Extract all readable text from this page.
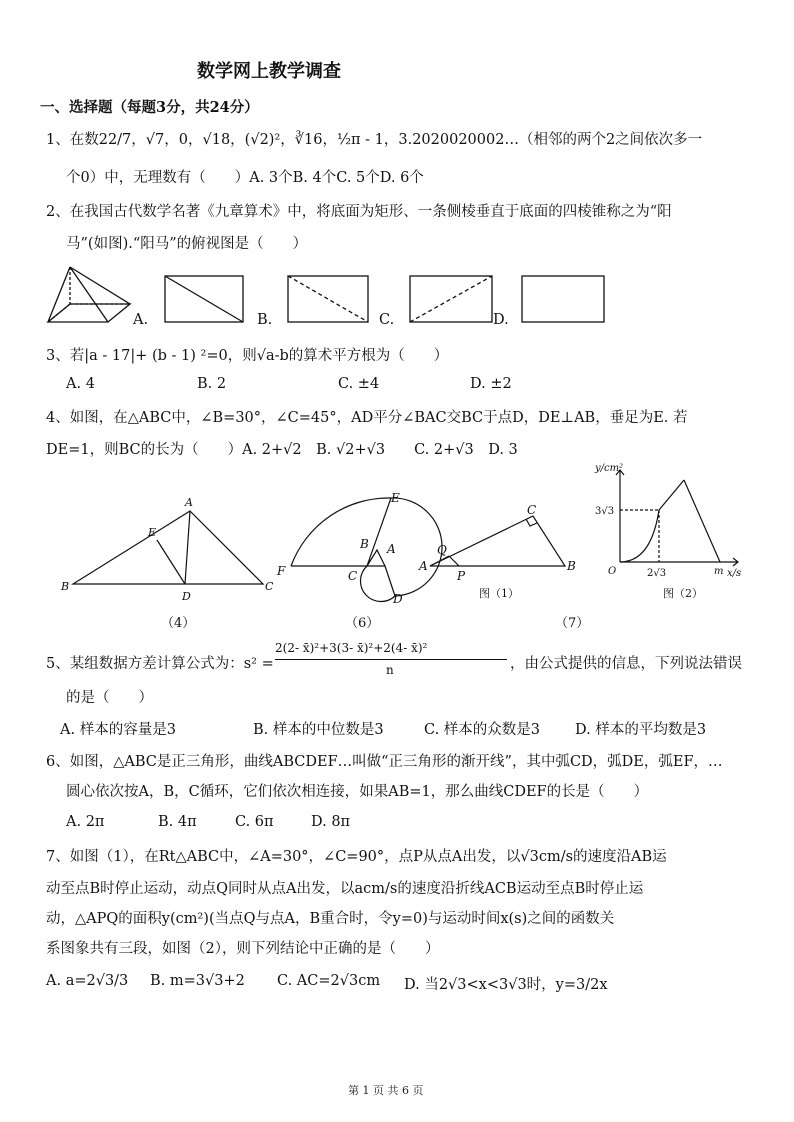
数学网上教学调查
一、选择题（每题3分，共24分）
1、在数22/7，√7，0，√18，(√2)²，∛16，½π - 1，3.2020020002…（相邻的两个2之间依次多一
个0）中，无理数有（　　）A. 3个B. 4个C. 5个D. 6个
2、在我国古代数学名著《九章算术》中，将底面为矩形、一条侧棱垂直于底面的四棱锥称之为“阳
马”(如图).“阳马”的俯视图是（　　）
A.	B.	C.	D.
3、若|a - 17|+ (b - 1) ²=0，则√a-b的算术平方根为（　　）
A. 4	B. 2	C. ±4	D. ±2
4、如图，在△ABC中，∠B=30°，∠C=45°，AD平分∠BAC交BC于点D，DE⊥AB，垂足为E. 若
DE=1，则BC的长为（　　）A. 2+√2　B. √2+√3　　C. 2+√3　D. 3
A
B	C
D
E
A
B
C
D
E
F	A	B
C
P
Q
图（1）
y/cm²
x/s
O
3√3
2√3	m
图（2）
（4）	（6）	（7）
5、某组数据方差计算公式为：s² =
2(2- x̄)²+3(3- x̄)²+2(4- x̄)²
n	，由公式提供的信息，下列说法错误
的是（　　）
A. 样本的容量是3	B. 样本的中位数是3	C. 样本的众数是3 D. 样本的平均数是3
6、如图，△ABC是正三角形，曲线ABCDEF…叫做“正三角形的渐开线”，其中弧CD，弧DE，弧EF，…
圆心依次按A，B，C循环，它们依次相连接，如果AB=1，那么曲线CDEF的长是（　　）
A. 2π	B. 4π	C. 6π	D. 8π
7、如图（1），在Rt△ABC中，∠A=30°，∠C=90°，点P从点A出发，以√3cm/s的速度沿AB运
动至点B时停止运动，动点Q同时从点A出发，以acm/s的速度沿折线ACB运动至点B时停止运
动，△APQ的面积y(cm²)(当点Q与点A，B重合时，令y=0)与运动时间x(s)之间的函数关
系图象共有三段，如图（2），则下列结论中正确的是（　　）
A. a=2√3/3 B. m=3√3+2 C. AC=2√3cm D. 当2√3<x<3√3时，y=3/2x
第 1 页 共 6 页
